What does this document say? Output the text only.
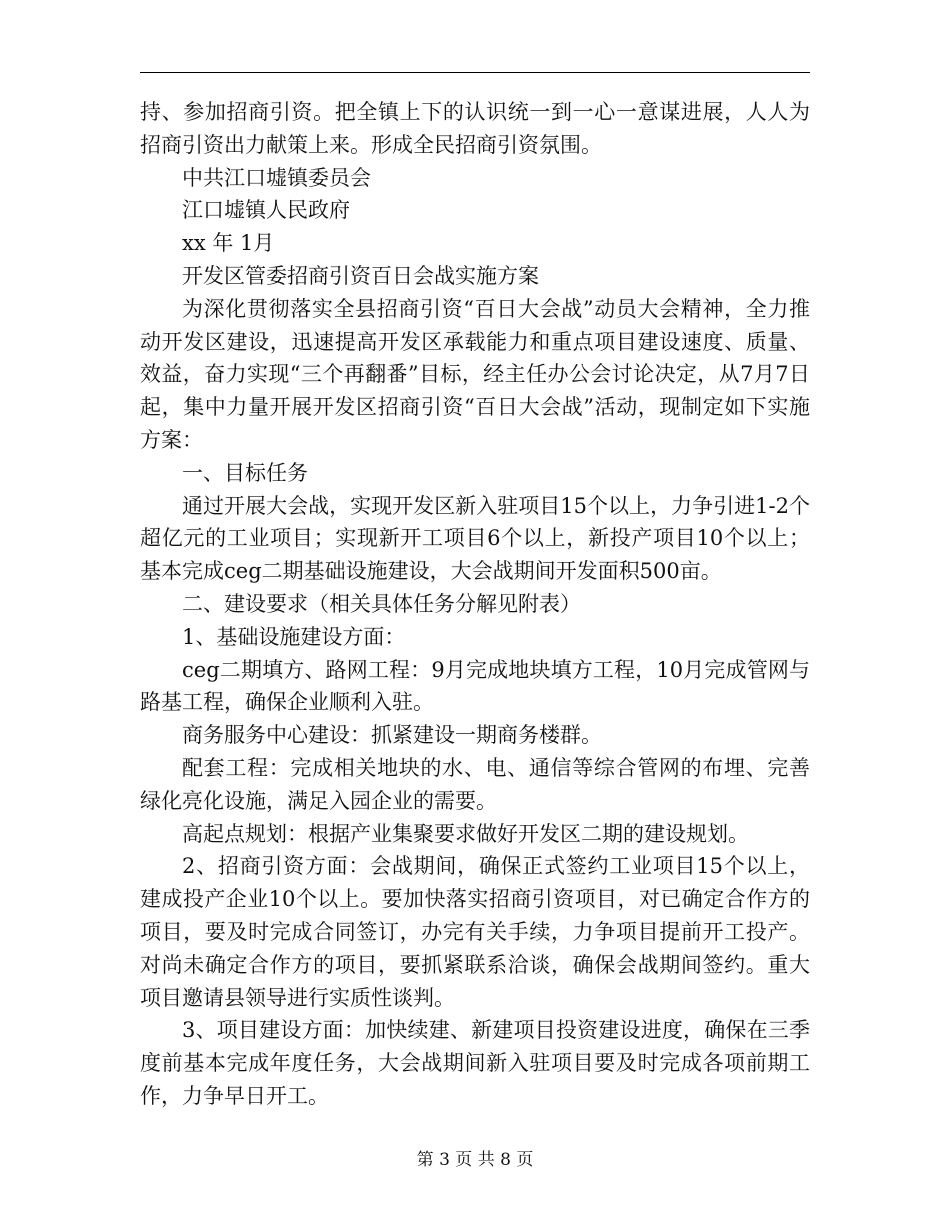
持、参加招商引资。把全镇上下的认识统一到一心一意谋进展，人人为招商引资出力献策上来。形成全民招商引资氛围。

中共江口墟镇委员会

江口墟镇人民政府

xx 年 1月

开发区管委招商引资百日会战实施方案

为深化贯彻落实全县招商引资“百日大会战”动员大会精神，全力推动开发区建设，迅速提高开发区承载能力和重点项目建设速度、质量、效益，奋力实现“三个再翻番”目标，经主任办公会讨论决定，从7月7日起，集中力量开展开发区招商引资“百日大会战”活动，现制定如下实施方案：

一、目标任务

通过开展大会战，实现开发区新入驻项目15个以上，力争引进1-2个超亿元的工业项目；实现新开工项目6个以上，新投产项目10个以上；基本完成ceg二期基础设施建设，大会战期间开发面积500亩。

二、建设要求（相关具体任务分解见附表）

1、基础设施建设方面：

ceg二期填方、路网工程：9月完成地块填方工程，10月完成管网与路基工程，确保企业顺利入驻。

商务服务中心建设：抓紧建设一期商务楼群。

配套工程：完成相关地块的水、电、通信等综合管网的布埋、完善绿化亮化设施，满足入园企业的需要。

高起点规划：根据产业集聚要求做好开发区二期的建设规划。

2、招商引资方面：会战期间，确保正式签约工业项目15个以上，建成投产企业10个以上。要加快落实招商引资项目，对已确定合作方的项目，要及时完成合同签订，办完有关手续，力争项目提前开工投产。对尚未确定合作方的项目，要抓紧联系洽谈，确保会战期间签约。重大项目邀请县领导进行实质性谈判。

3、项目建设方面：加快续建、新建项目投资建设进度，确保在三季度前基本完成年度任务，大会战期间新入驻项目要及时完成各项前期工作，力争早日开工。

第 3 页 共 8 页
